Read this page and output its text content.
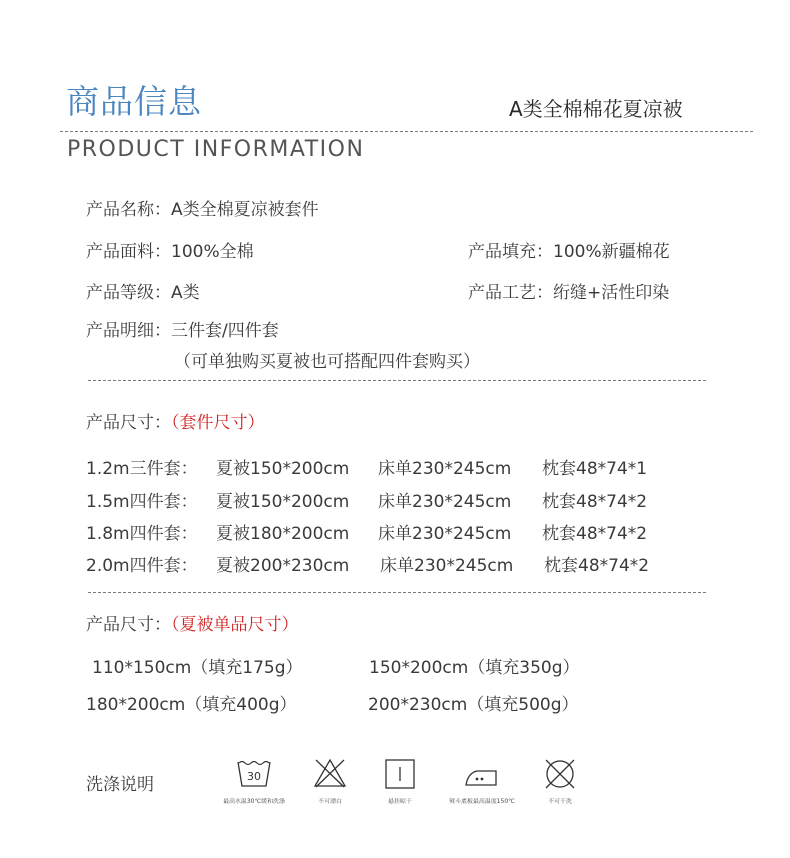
商品信息	A类全棉棉花夏凉被
PRODUCT INFORMATION
产品名称：A类全棉夏凉被套件
产品面料：100%全棉	产品填充：100%新疆棉花
产品等级：A类	产品工艺：绗缝+活性印染
产品明细：三件套/四件套
（可单独购买夏被也可搭配四件套购买）
产品尺寸：（套件尺寸）
1.2m三件套： 夏被150*200cm 床单230*245cm 枕套48*74*1
1.5m四件套： 夏被150*200cm 床单230*245cm 枕套48*74*2
1.8m四件套： 夏被180*200cm 床单230*245cm 枕套48*74*2
2.0m四件套： 夏被200*230cm 床单230*245cm 枕套48*74*2
产品尺寸：（夏被单品尺寸）
110*150cm（填充175g）	150*200cm（填充350g）
180*200cm（填充400g）	200*230cm（填充500g）
洗涤说明	30
最高水温30℃缓和洗涤	不可漂白	悬挂晾干	熨斗底板最高温度150℃	不可干洗
